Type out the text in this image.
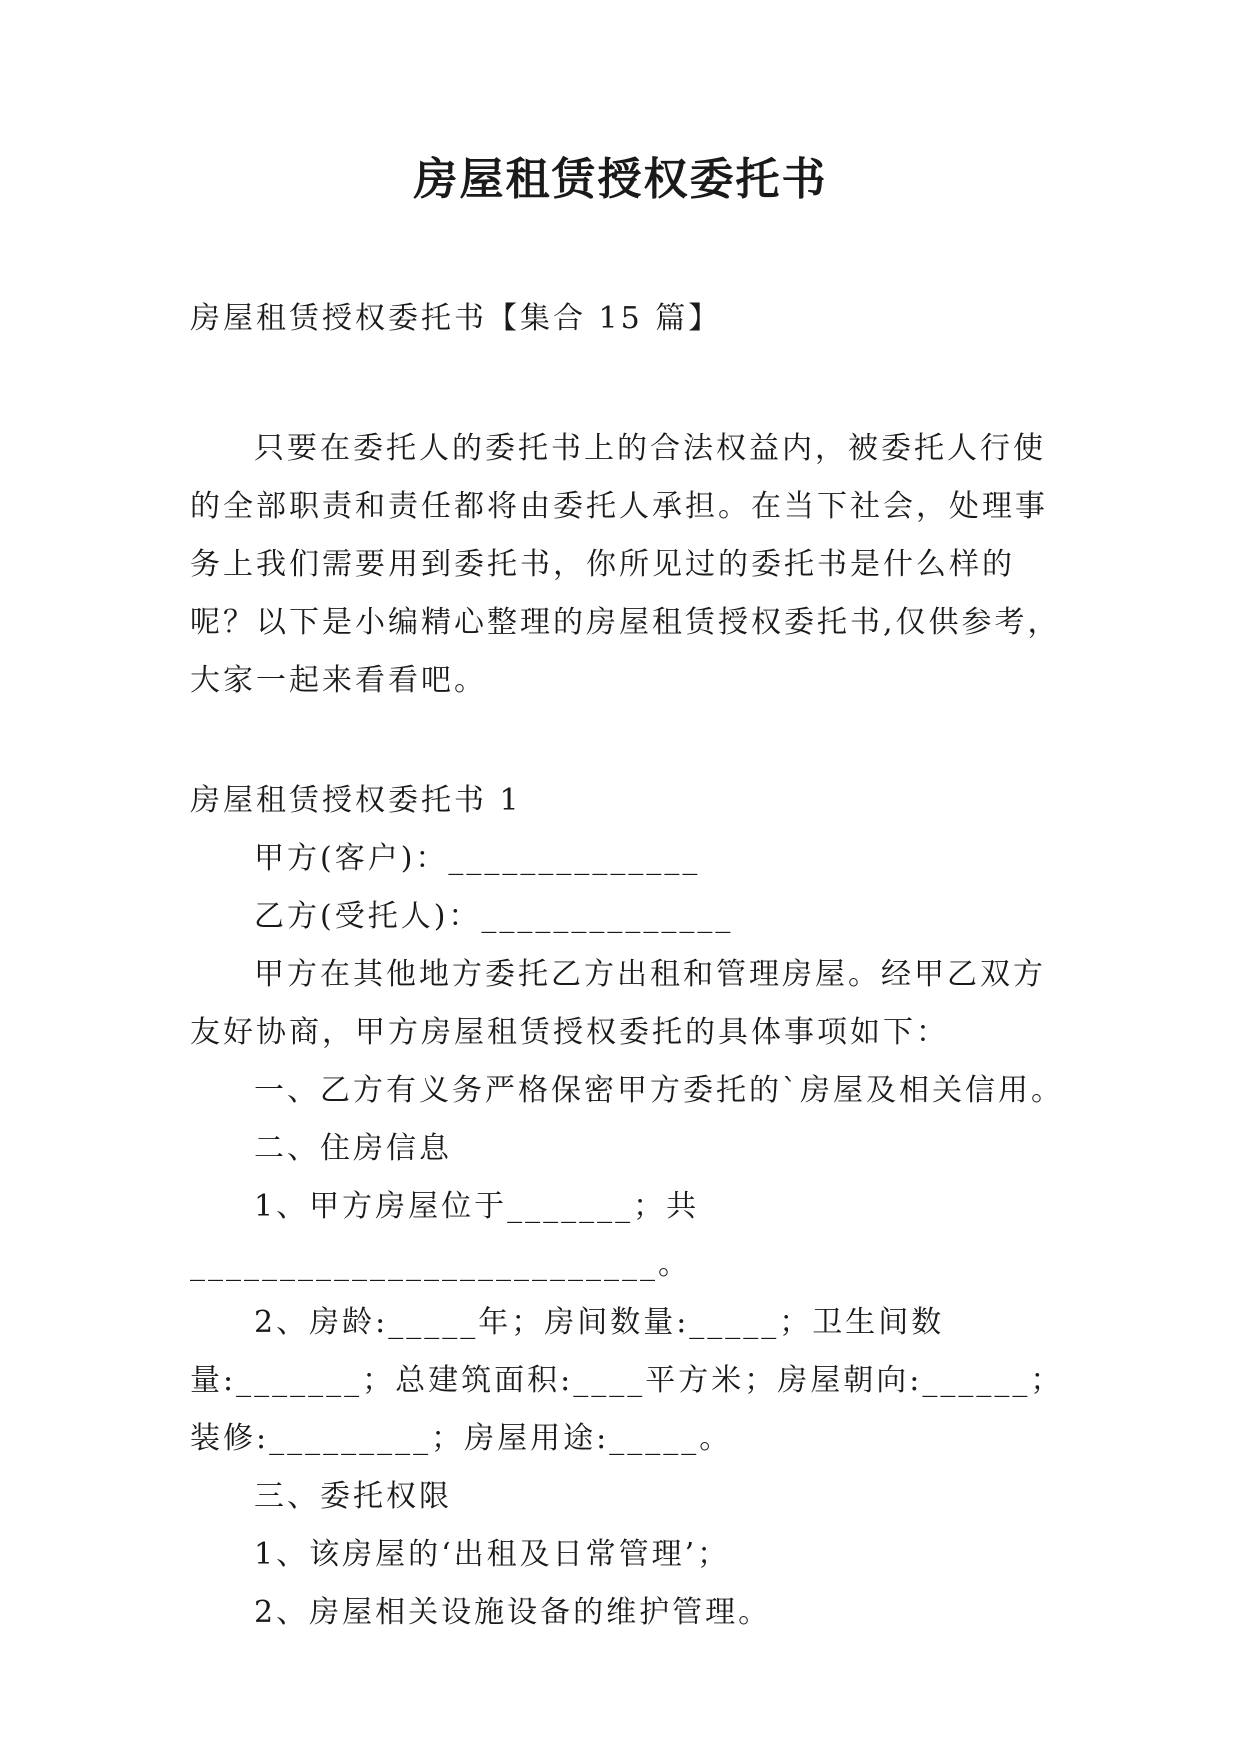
房屋租赁授权委托书

房屋租赁授权委托书【集合 15 篇】

只要在委托人的委托书上的合法权益内，被委托人行使的全部职责和责任都将由委托人承担。在当下社会，处理事务上我们需要用到委托书，你所见过的委托书是什么样的呢？以下是小编精心整理的房屋租赁授权委托书,仅供参考，大家一起来看看吧。

房屋租赁授权委托书 1

甲方(客户)：______________

乙方(受托人)：______________

甲方在其他地方委托乙方出租和管理房屋。经甲乙双方友好协商，甲方房屋租赁授权委托的具体事项如下：

一、乙方有义务严格保密甲方委托的`房屋及相关信用。

二、住房信息

1、甲方房屋位于_______；共__________________________。

2、房龄:_____年；房间数量:_____；卫生间数量:_______；总建筑面积:____平方米；房屋朝向:______；装修:_________；房屋用途:_____。

三、委托权限

1、该房屋的‘出租及日常管理’；

2、房屋相关设施设备的维护管理。
